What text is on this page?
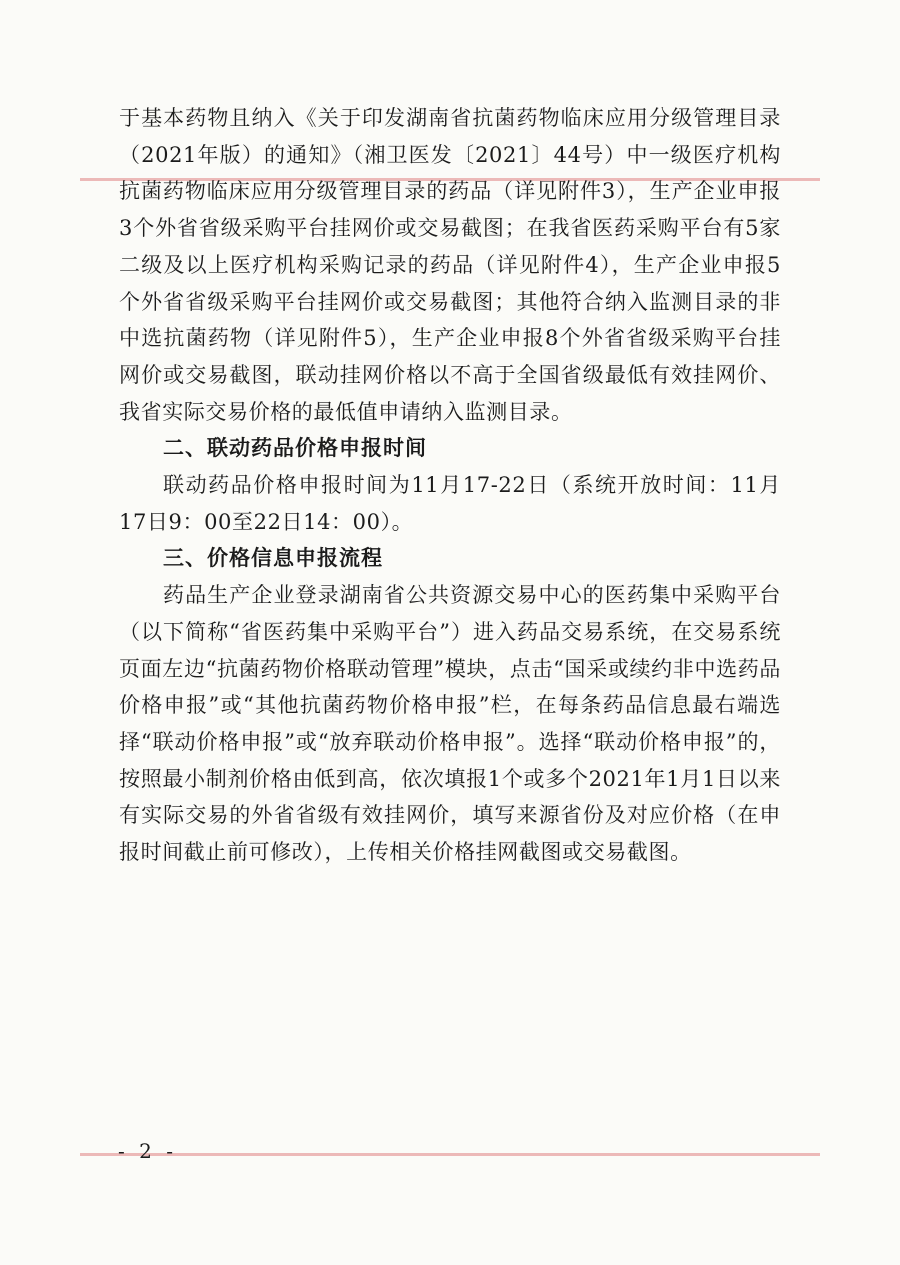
于基本药物且纳入《关于印发湖南省抗菌药物临床应用分级管理目录（2021年版）的通知》（湘卫医发〔2021〕44号）中一级医疗机构抗菌药物临床应用分级管理目录的药品（详见附件3），生产企业申报3个外省省级采购平台挂网价或交易截图；在我省医药采购平台有5家二级及以上医疗机构采购记录的药品（详见附件4），生产企业申报5个外省省级采购平台挂网价或交易截图；其他符合纳入监测目录的非中选抗菌药物（详见附件5），生产企业申报8个外省省级采购平台挂网价或交易截图，联动挂网价格以不高于全国省级最低有效挂网价、我省实际交易价格的最低值申请纳入监测目录。

二、联动药品价格申报时间

联动药品价格申报时间为11月17-22日（系统开放时间：11月17日9：00至22日14：00）。

三、价格信息申报流程

药品生产企业登录湖南省公共资源交易中心的医药集中采购平台（以下简称“省医药集中采购平台”）进入药品交易系统，在交易系统页面左边“抗菌药物价格联动管理”模块，点击“国采或续约非中选药品价格申报”或“其他抗菌药物价格申报”栏，在每条药品信息最右端选择“联动价格申报”或“放弃联动价格申报”。选择“联动价格申报”的，按照最小制剂价格由低到高，依次填报1个或多个2021年1月1日以来有实际交易的外省省级有效挂网价，填写来源省份及对应价格（在申报时间截止前可修改），上传相关价格挂网截图或交易截图。

- 2 -
